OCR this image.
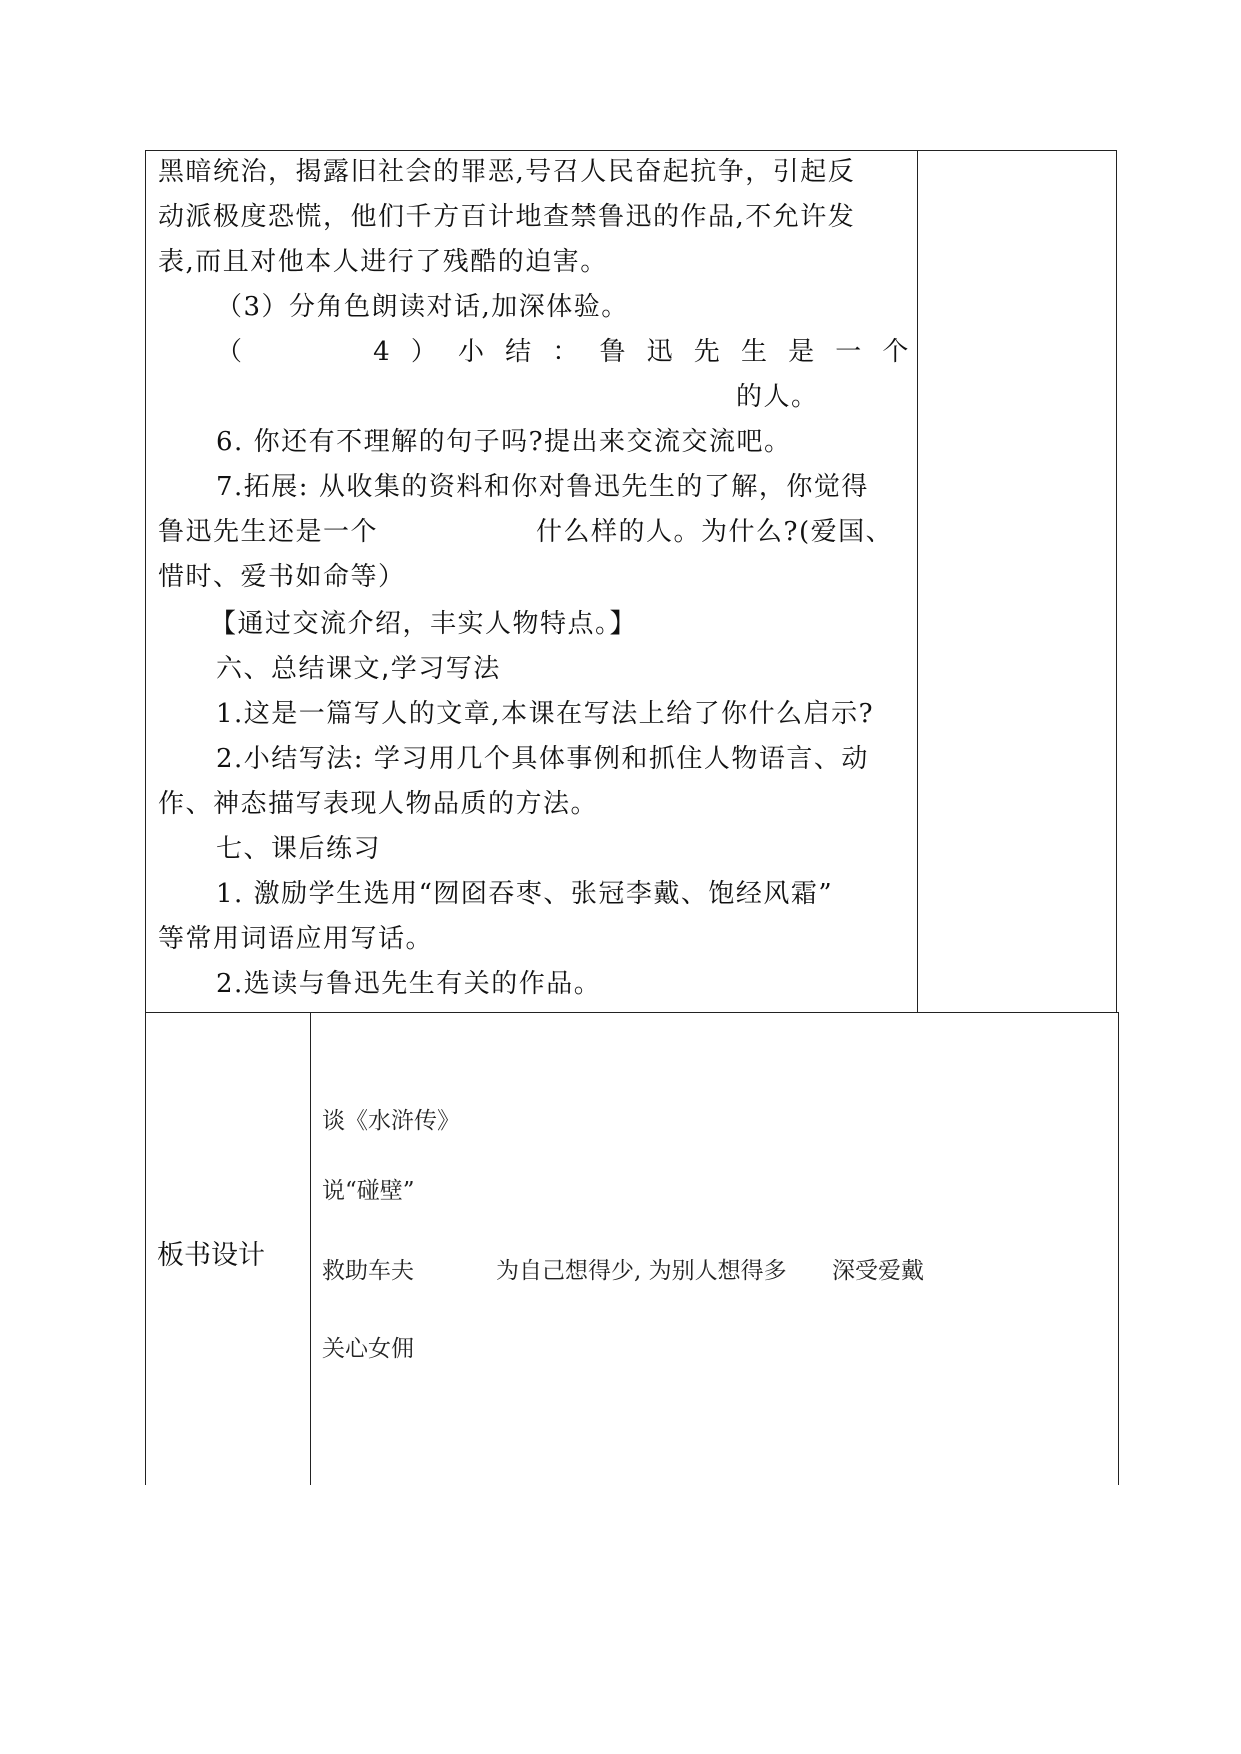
黑暗统治，揭露旧社会的罪恶,号召人民奋起抗争，引起反
动派极度恐慌，他们千方百计地查禁鲁迅的作品,不允许发
表,而且对他本人进行了残酷的迫害。
（3）分角色朗读对话,加深体验。
（	4 ） 小 结 ： 鲁 迅 先 生 是 一 个
的人。
6. 你还有不理解的句子吗?提出来交流交流吧。
7.拓展: 从收集的资料和你对鲁迅先生的了解，你觉得
鲁迅先生还是一个	什么样的人。为什么?(爱国、
惜时、爱书如命等）
【通过交流介绍，丰实人物特点。】
六、总结课文,学习写法
1.这是一篇写人的文章,本课在写法上给了你什么启示?
2.小结写法: 学习用几个具体事例和抓住人物语言、动
作、神态描写表现人物品质的方法。
七、课后练习
1. 激励学生选用“囫囵吞枣、张冠李戴、饱经风霜”
等常用词语应用写话。
2.选读与鲁迅先生有关的作品。
板书设计
谈《水浒传》
说“碰壁”
救助车夫	为自己想得少, 为别人想得多 深受爱戴
关心女佣
